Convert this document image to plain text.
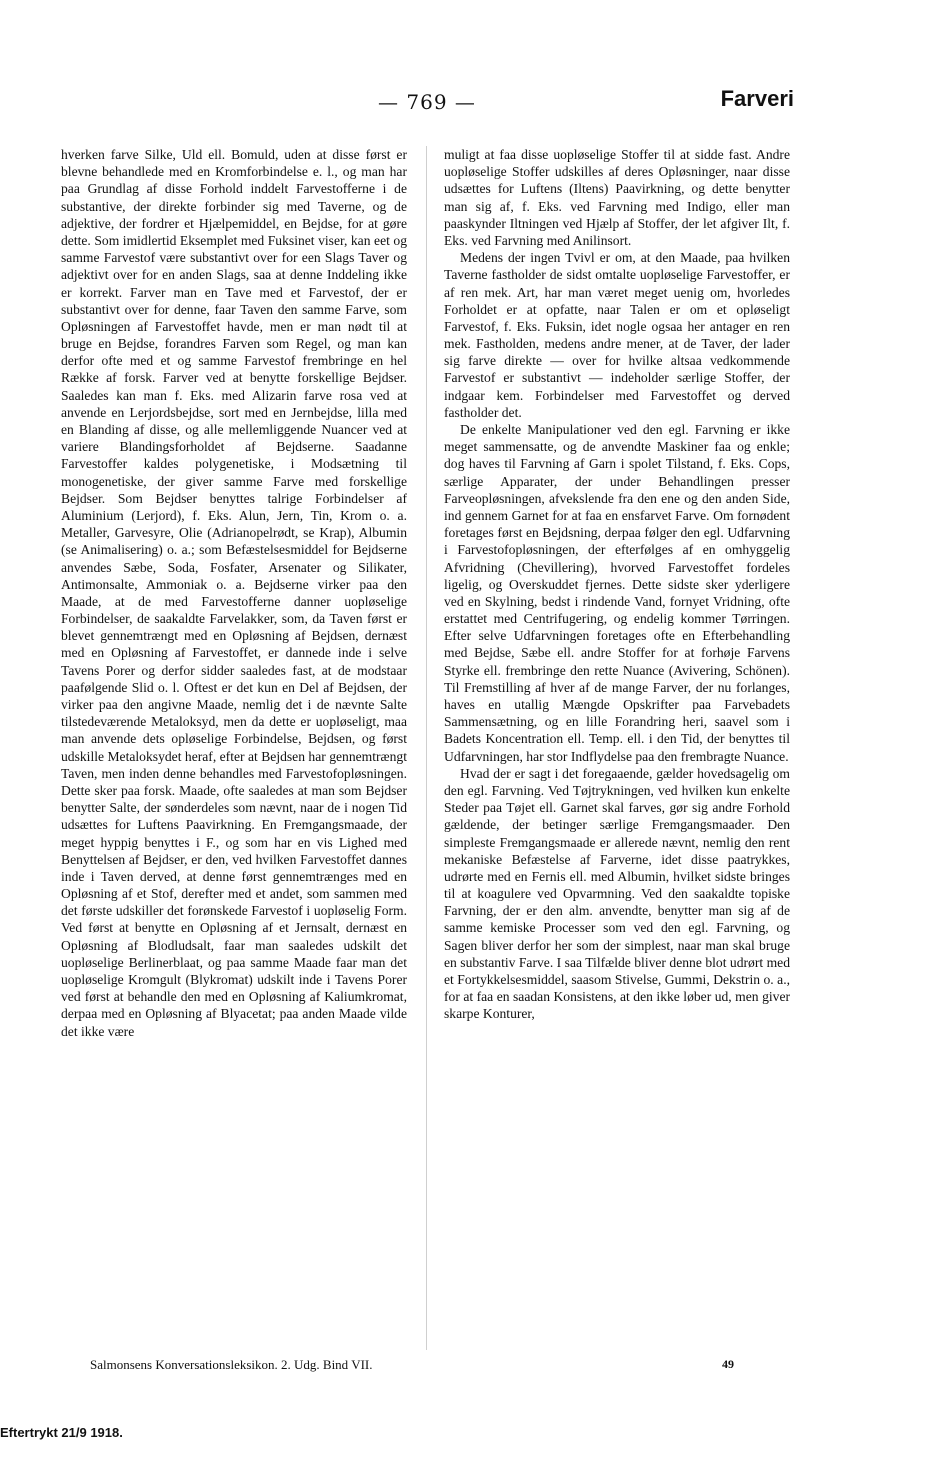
— 769 —	Farveri

hverken farve Silke, Uld ell. Bomuld, uden at disse først er blevne behandlede med en Kromforbindelse e. l., og man har paa Grundlag af disse Forhold inddelt Farvestofferne i de substantive, der direkte forbinder sig med Taverne, og de adjektive, der fordrer et Hjælpemiddel, en Bejdse, for at gøre dette. Som imidlertid Eksemplet med Fuksinet viser, kan eet og samme Farvestof være substantivt over for een Slags Taver og adjektivt over for en anden Slags, saa at denne Inddeling ikke er korrekt. Farver man en Tave med et Farvestof, der er substantivt over for denne, faar Taven den samme Farve, som Opløsningen af Farvestoffet havde, men er man nødt til at bruge en Bejdse, forandres Farven som Regel, og man kan derfor ofte med et og samme Farvestof frembringe en hel Række af forsk. Farver ved at benytte forskellige Bejdser. Saaledes kan man f. Eks. med Alizarin farve rosa ved at anvende en Lerjordsbejdse, sort med en Jernbejdse, lilla med en Blanding af disse, og alle mellemliggende Nuancer ved at variere Blandingsforholdet af Bejdserne. Saadanne Farvestoffer kaldes polygenetiske, i Modsætning til monogenetiske, der giver samme Farve med forskellige Bejdser. Som Bejdser benyttes talrige Forbindelser af Aluminium (Lerjord), f. Eks. Alun, Jern, Tin, Krom o. a. Metaller, Garvesyre, Olie (Adrianopelrødt, se Krap), Albumin (se Animalisering) o. a.; som Befæstelsesmiddel for Bejdserne anvendes Sæbe, Soda, Fosfater, Arsenater og Silikater, Antimonsalte, Ammoniak o. a. Bejdserne virker paa den Maade, at de med Farvestofferne danner uopløselige Forbindelser, de saakaldte Farvelakker, som, da Taven først er blevet gennemtrængt med en Opløsning af Bejdsen, dernæst med en Opløsning af Farvestoffet, er dannede inde i selve Tavens Porer og derfor sidder saaledes fast, at de modstaar paafølgende Slid o. l. Oftest er det kun en Del af Bejdsen, der virker paa den angivne Maade, nemlig det i de nævnte Salte tilstedeværende Metaloksyd, men da dette er uopløseligt, maa man anvende dets opløselige Forbindelse, Bejdsen, og først udskille Metaloksydet heraf, efter at Bejdsen har gennemtrængt Taven, men inden denne behandles med Farvestofopløsningen. Dette sker paa forsk. Maade, ofte saaledes at man som Bejdser benytter Salte, der sønderdeles som nævnt, naar de i nogen Tid udsættes for Luftens Paavirkning. En Fremgangsmaade, der meget hyppig benyttes i F., og som har en vis Lighed med Benyttelsen af Bejdser, er den, ved hvilken Farvestoffet dannes inde i Taven derved, at denne først gennemtrænges med en Opløsning af et Stof, derefter med et andet, som sammen med det første udskiller det forønskede Farvestof i uopløselig Form. Ved først at benytte en Opløsning af et Jernsalt, dernæst en Opløsning af Blodludsalt, faar man saaledes udskilt det uopløselige Berlinerblaat, og paa samme Maade faar man det uopløselige Kromgult (Blykromat) udskilt inde i Tavens Porer ved først at behandle den med en Opløsning af Kaliumkromat, derpaa med en Opløsning af Blyacetat; paa anden Maade vilde det ikke være

muligt at faa disse uopløselige Stoffer til at sidde fast. Andre uopløselige Stoffer udskilles af deres Opløsninger, naar disse udsættes for Luftens (Iltens) Paavirkning, og dette benytter man sig af, f. Eks. ved Farvning med Indigo, eller man paaskynder Iltningen ved Hjælp af Stoffer, der let afgiver Ilt, f. Eks. ved Farvning med Anilinsort.

Medens der ingen Tvivl er om, at den Maade, paa hvilken Taverne fastholder de sidst omtalte uopløselige Farvestoffer, er af ren mek. Art, har man været meget uenig om, hvorledes Forholdet er at opfatte, naar Talen er om et opløseligt Farvestof, f. Eks. Fuksin, idet nogle ogsaa her antager en ren mek. Fastholden, medens andre mener, at de Taver, der lader sig farve direkte — over for hvilke altsaa vedkommende Farvestof er substantivt — indeholder særlige Stoffer, der indgaar kem. Forbindelser med Farvestoffet og derved fastholder det.

De enkelte Manipulationer ved den egl. Farvning er ikke meget sammensatte, og de anvendte Maskiner faa og enkle; dog haves til Farvning af Garn i spolet Tilstand, f. Eks. Cops, særlige Apparater, der under Behandlingen presser Farveopløsningen, afvekslende fra den ene og den anden Side, ind gennem Garnet for at faa en ensfarvet Farve. Om fornødent foretages først en Bejdsning, derpaa følger den egl. Udfarvning i Farvestofopløsningen, der efterfølges af en omhyggelig Afvridning (Chevillering), hvorved Farvestoffet fordeles ligelig, og Overskuddet fjernes. Dette sidste sker yderligere ved en Skylning, bedst i rindende Vand, fornyet Vridning, ofte erstattet med Centrifugering, og endelig kommer Tørringen. Efter selve Udfarvningen foretages ofte en Efterbehandling med Bejdse, Sæbe ell. andre Stoffer for at forhøje Farvens Styrke ell. frembringe den rette Nuance (Avivering, Schönen). Til Fremstilling af hver af de mange Farver, der nu forlanges, haves en utallig Mængde Opskrifter paa Farvebadets Sammensætning, og en lille Forandring heri, saavel som i Badets Koncentration ell. Temp. ell. i den Tid, der benyttes til Udfarvningen, har stor Indflydelse paa den frembragte Nuance.

Hvad der er sagt i det foregaaende, gælder hovedsagelig om den egl. Farvning. Ved Tøjtrykningen, ved hvilken kun enkelte Steder paa Tøjet ell. Garnet skal farves, gør sig andre Forhold gældende, der betinger særlige Fremgangsmaader. Den simpleste Fremgangsmaade er allerede nævnt, nemlig den rent mekaniske Befæstelse af Farverne, idet disse paatrykkes, udrørte med en Fernis ell. med Albumin, hvilket sidste bringes til at koagulere ved Opvarmning. Ved den saakaldte topiske Farvning, der er den alm. anvendte, benytter man sig af de samme kemiske Processer som ved den egl. Farvning, og Sagen bliver derfor her som der simplest, naar man skal bruge en substantiv Farve. I saa Tilfælde bliver denne blot udrørt med et Fortykkelsesmiddel, saasom Stivelse, Gummi, Dekstrin o. a., for at faa en saadan Konsistens, at den ikke løber ud, men giver skarpe Konturer,

Salmonsens Konversationsleksikon. 2. Udg. Bind VII.	49
Eftertrykt 21/9 1918.
